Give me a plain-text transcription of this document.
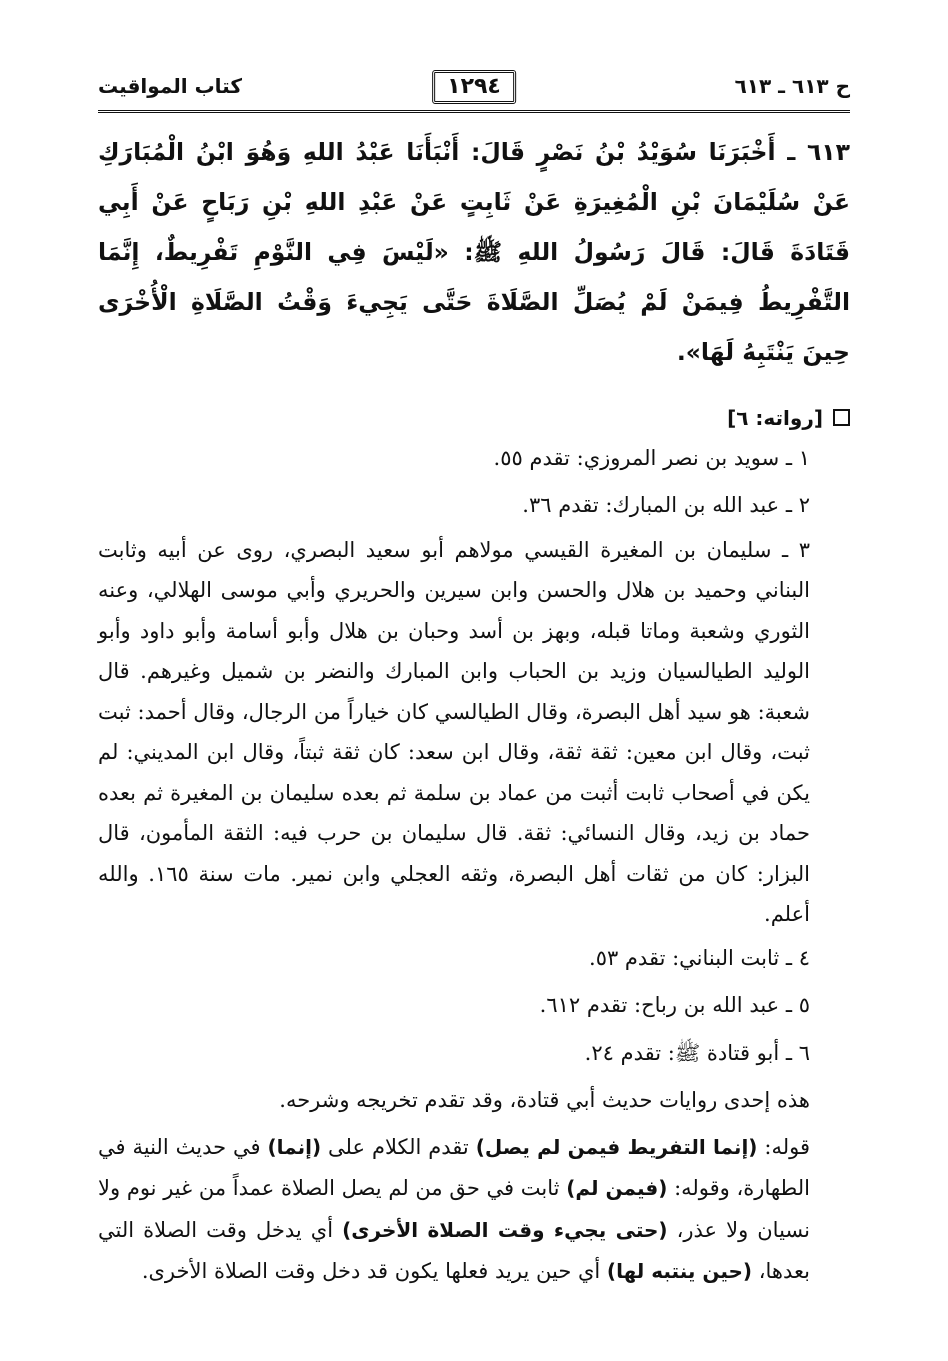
ح ٦١٣ ـ ٦١٣
١٢٩٤
كتاب المواقيت

٦١٣ ـ أَخْبَرَنَا سُوَيْدُ بْنُ نَصْرٍ قَالَ: أَنْبَأَنَا عَبْدُ اللهِ وَهُوَ ابْنُ الْمُبَارَكِ عَنْ سُلَيْمَانَ بْنِ الْمُغِيرَةِ عَنْ ثَابِتٍ عَنْ عَبْدِ اللهِ بْنِ رَبَاحٍ عَنْ أَبِي قَتَادَةَ قَالَ: قَالَ رَسُولُ اللهِ ﷺ: «لَيْسَ فِي النَّوْمِ تَفْرِيطٌ، إِنَّمَا التَّفْرِيطُ فِيمَنْ لَمْ يُصَلِّ الصَّلَاةَ حَتَّى يَجِيءَ وَقْتُ الصَّلَاةِ الْأُخْرَى حِينَ يَنْتَبِهُ لَهَا».

[رواته: ٦]

١ ـ سويد بن نصر المروزي: تقدم ٥٥.

٢ ـ عبد الله بن المبارك: تقدم ٣٦.

٣ ـ سليمان بن المغيرة القيسي مولاهم أبو سعيد البصري، روى عن أبيه وثابت البناني وحميد بن هلال والحسن وابن سيرين والحريري وأبي موسى الهلالي، وعنه الثوري وشعبة وماتا قبله، وبهز بن أسد وحبان بن هلال وأبو أسامة وأبو داود وأبو الوليد الطيالسيان وزيد بن الحباب وابن المبارك والنضر بن شميل وغيرهم. قال شعبة: هو سيد أهل البصرة، وقال الطيالسي كان خياراً من الرجال، وقال أحمد: ثبت ثبت، وقال ابن معين: ثقة ثقة، وقال ابن سعد: كان ثقة ثبتاً، وقال ابن المديني: لم يكن في أصحاب ثابت أثبت من عماد بن سلمة ثم بعده سليمان بن المغيرة ثم بعده حماد بن زيد، وقال النسائي: ثقة. قال سليمان بن حرب فيه: الثقة المأمون، قال البزار: كان من ثقات أهل البصرة، وثقه العجلي وابن نمير. مات سنة ١٦٥. والله أعلم.

٤ ـ ثابت البناني: تقدم ٥٣.

٥ ـ عبد الله بن رباح: تقدم ٦١٢.

٦ ـ أبو قتادة ﷺ: تقدم ٢٤.

هذه إحدى روايات حديث أبي قتادة، وقد تقدم تخريجه وشرحه.

قوله: (إنما التفريط فيمن لم يصل) تقدم الكلام على (إنما) في حديث النية في الطهارة، وقوله: (فيمن لم) ثابت في حق من لم يصل الصلاة عمداً من غير نوم ولا نسيان ولا عذر، (حتى يجيء وقت الصلاة الأخرى) أي يدخل وقت الصلاة التي بعدها، (حين ينتبه لها) أي حين يريد فعلها يكون قد دخل وقت الصلاة الأخرى.
